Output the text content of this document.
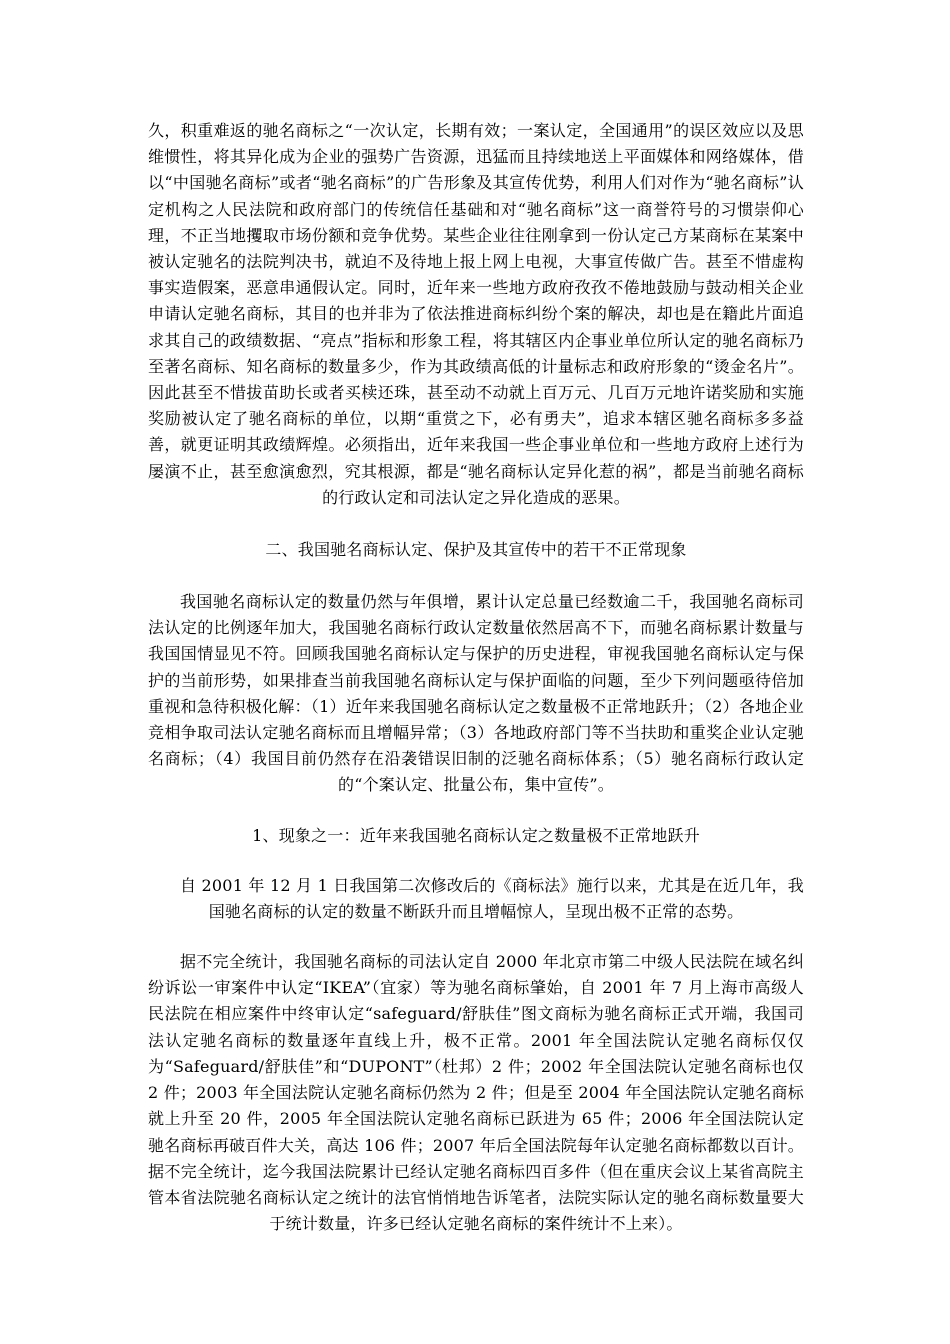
久，积重难返的驰名商标之“一次认定，长期有效；一案认定，全国通用”的误区效应以及思维惯性，将其异化成为企业的强势广告资源，迅猛而且持续地送上平面媒体和网络媒体，借以“中国驰名商标”或者“驰名商标”的广告形象及其宣传优势，利用人们对作为“驰名商标”认定机构之人民法院和政府部门的传统信任基础和对“驰名商标”这一商誉符号的习惯崇仰心理，不正当地攫取市场份额和竞争优势。某些企业往往刚拿到一份认定己方某商标在某案中被认定驰名的法院判决书，就迫不及待地上报上网上电视，大事宣传做广告。甚至不惜虚构事实造假案，恶意串通假认定。同时，近年来一些地方政府孜孜不倦地鼓励与鼓动相关企业申请认定驰名商标，其目的也并非为了依法推进商标纠纷个案的解决，却也是在籍此片面追求其自己的政绩数据、“亮点”指标和形象工程，将其辖区内企事业单位所认定的驰名商标乃至著名商标、知名商标的数量多少，作为其政绩高低的计量标志和政府形象的“烫金名片”。因此甚至不惜拔苗助长或者买椟还珠，甚至动不动就上百万元、几百万元地许诺奖励和实施奖励被认定了驰名商标的单位，以期“重赏之下，必有勇夫”，追求本辖区驰名商标多多益善，就更证明其政绩辉煌。必须指出，近年来我国一些企事业单位和一些地方政府上述行为屡演不止，甚至愈演愈烈，究其根源，都是“驰名商标认定异化惹的祸”，都是当前驰名商标的行政认定和司法认定之异化造成的恶果。

二、我国驰名商标认定、保护及其宣传中的若干不正常现象

我国驰名商标认定的数量仍然与年俱增，累计认定总量已经数逾二千，我国驰名商标司法认定的比例逐年加大，我国驰名商标行政认定数量依然居高不下，而驰名商标累计数量与我国国情显见不符。回顾我国驰名商标认定与保护的历史进程，审视我国驰名商标认定与保护的当前形势，如果排查当前我国驰名商标认定与保护面临的问题，至少下列问题亟待倍加重视和急待积极化解：（1）近年来我国驰名商标认定之数量极不正常地跃升；（2）各地企业竞相争取司法认定驰名商标而且增幅异常；（3）各地政府部门等不当扶助和重奖企业认定驰名商标；（4）我国目前仍然存在沿袭错误旧制的泛驰名商标体系；（5）驰名商标行政认定的“个案认定、批量公布，集中宣传”。

1、现象之一：近年来我国驰名商标认定之数量极不正常地跃升

自 2001 年 12 月 1 日我国第二次修改后的《商标法》施行以来，尤其是在近几年，我国驰名商标的认定的数量不断跃升而且增幅惊人，呈现出极不正常的态势。

据不完全统计，我国驰名商标的司法认定自 2000 年北京市第二中级人民法院在域名纠纷诉讼一审案件中认定“IKEA”（宜家）等为驰名商标肇始，自 2001 年 7 月上海市高级人民法院在相应案件中终审认定“safeguard/舒肤佳”图文商标为驰名商标正式开端，我国司法认定驰名商标的数量逐年直线上升，极不正常。2001 年全国法院认定驰名商标仅仅为“Safeguard/舒肤佳”和“DUPONT”（杜邦）2 件；2002 年全国法院认定驰名商标也仅 2 件；2003 年全国法院认定驰名商标仍然为 2 件；但是至 2004 年全国法院认定驰名商标就上升至 20 件，2005 年全国法院认定驰名商标已跃进为 65 件；2006 年全国法院认定驰名商标再破百件大关，高达 106 件；2007 年后全国法院每年认定驰名商标都数以百计。据不完全统计，迄今我国法院累计已经认定驰名商标四百多件（但在重庆会议上某省高院主管本省法院驰名商标认定之统计的法官悄悄地告诉笔者，法院实际认定的驰名商标数量要大于统计数量，许多已经认定驰名商标的案件统计不上来）。
